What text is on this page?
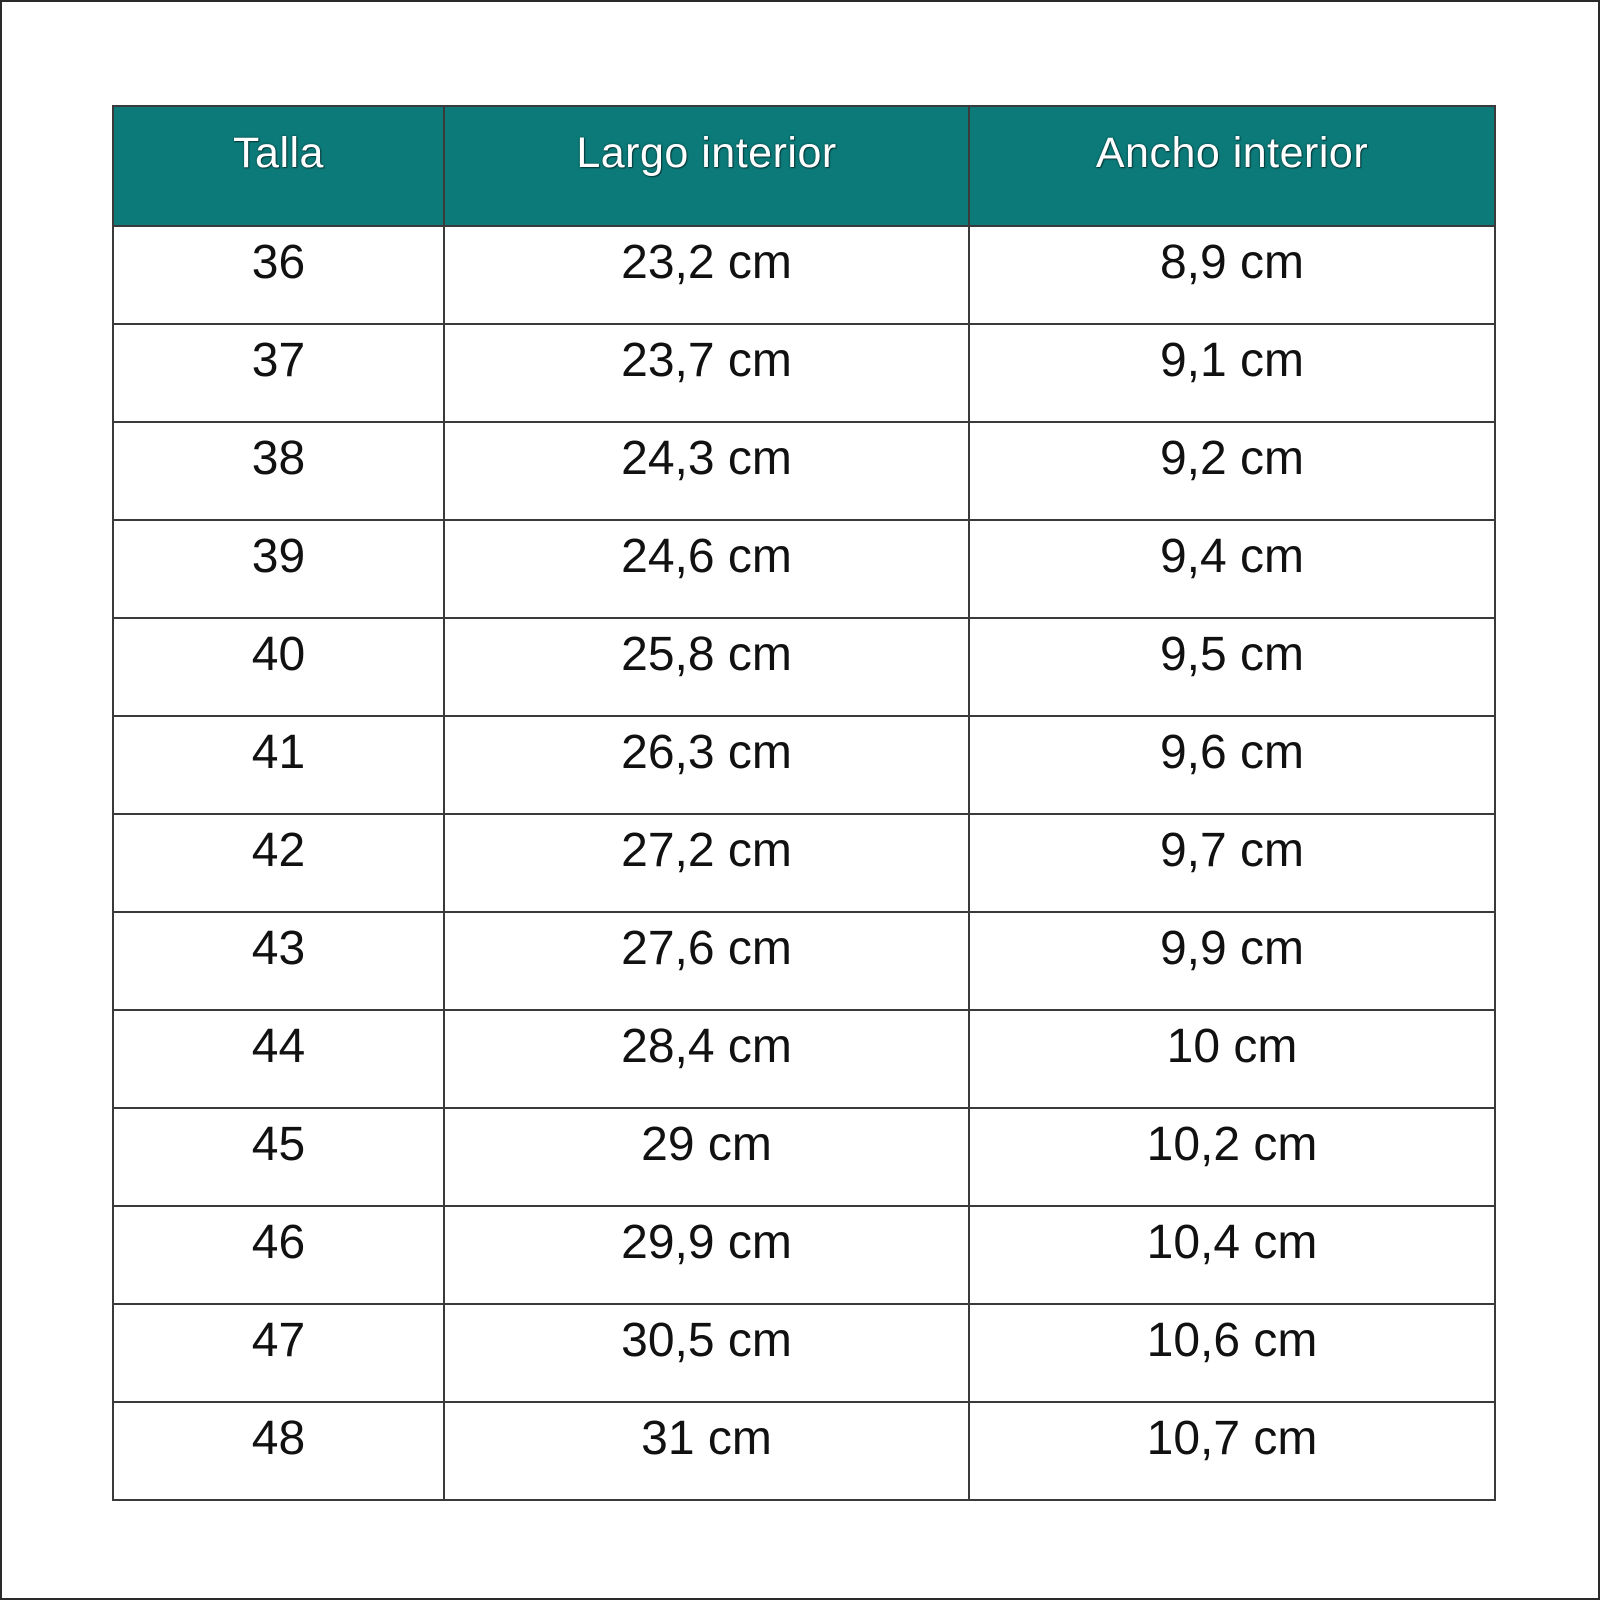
Talla	Largo interior	Ancho interior
36	23,2 cm	8,9 cm
37	23,7 cm	9,1 cm
38	24,3 cm	9,2 cm
39	24,6 cm	9,4 cm
40	25,8 cm	9,5 cm
41	26,3 cm	9,6 cm
42	27,2 cm	9,7 cm
43	27,6 cm	9,9 cm
44	28,4 cm	10 cm
45	29 cm	10,2 cm
46	29,9 cm	10,4 cm
47	30,5 cm	10,6 cm
48	31 cm	10,7 cm
